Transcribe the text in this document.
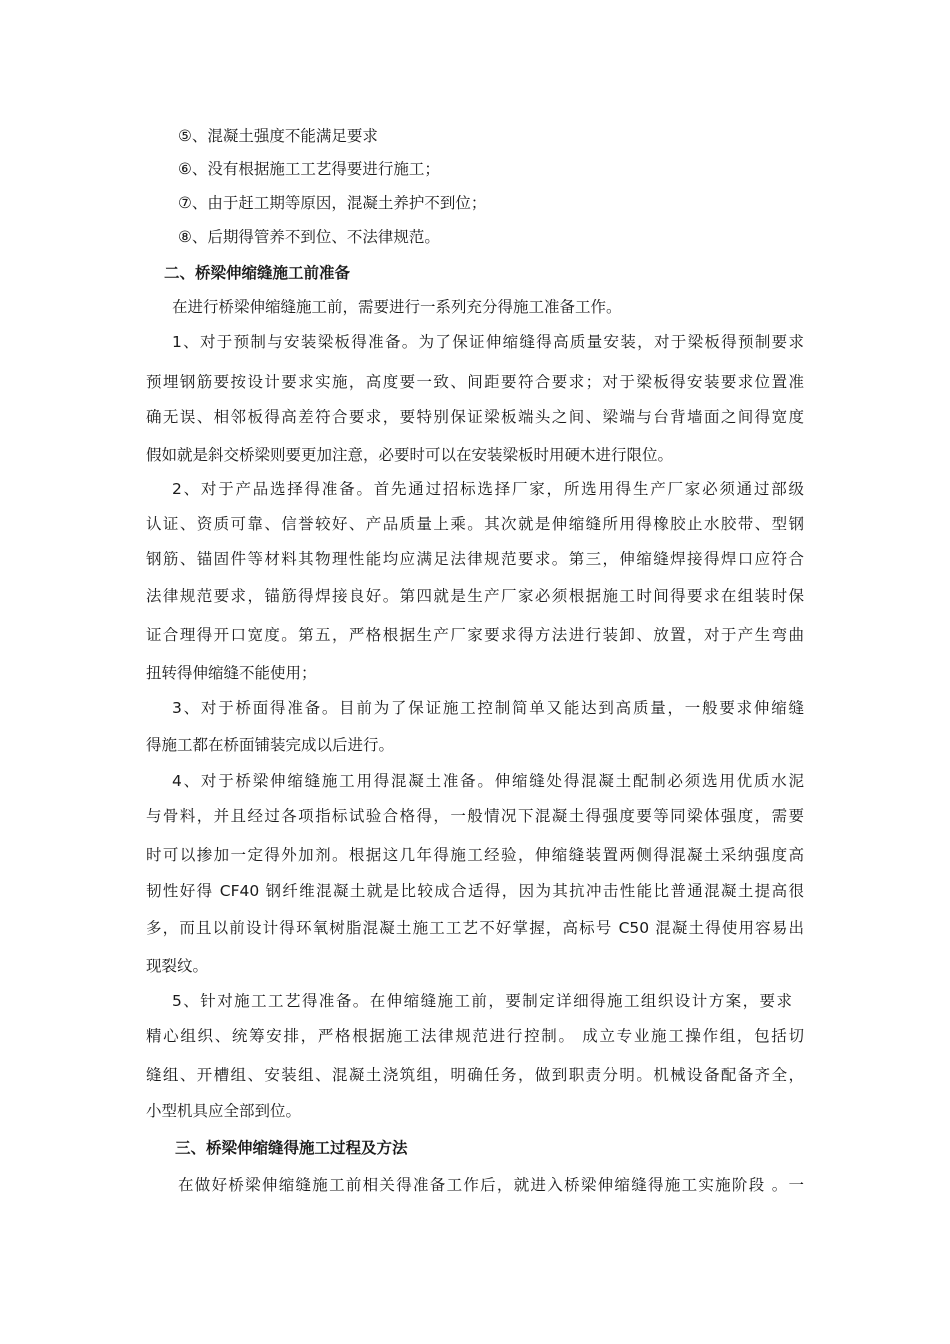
⑤、混凝土强度不能满足要求
⑥、没有根据施工工艺得要进行施工；
⑦、由于赶工期等原因，混凝土养护不到位；
⑧、后期得管养不到位、不法律规范。
二、桥梁伸缩缝施工前准备
在进行桥梁伸缩缝施工前，需要进行一系列充分得施工准备工作。
1、对于预制与安装梁板得准备。为了保证伸缩缝得高质量安装，对于梁板得预制要求
预埋钢筋要按设计要求实施，高度要一致、间距要符合要求；对于梁板得安装要求位置准
确无误、相邻板得高差符合要求，要特别保证梁板端头之间、梁端与台背墙面之间得宽度
假如就是斜交桥梁则要更加注意，必要时可以在安装梁板时用硬木进行限位。
2、对于产品选择得准备。首先通过招标选择厂家，所选用得生产厂家必须通过部级
认证、资质可靠、信誉较好、产品质量上乘。其次就是伸缩缝所用得橡胶止水胶带、型钢
钢筋、锚固件等材料其物理性能均应满足法律规范要求。第三，伸缩缝焊接得焊口应符合
法律规范要求，锚筋得焊接良好。第四就是生产厂家必须根据施工时间得要求在组装时保
证合理得开口宽度。第五，严格根据生产厂家要求得方法进行装卸、放置，对于产生弯曲
扭转得伸缩缝不能使用；
3、对于桥面得准备。目前为了保证施工控制简单又能达到高质量，一般要求伸缩缝
得施工都在桥面铺装完成以后进行。
4、对于桥梁伸缩缝施工用得混凝土准备。伸缩缝处得混凝土配制必须选用优质水泥
与骨料，并且经过各项指标试验合格得，一般情况下混凝土得强度要等同梁体强度，需要
时可以掺加一定得外加剂。根据这几年得施工经验，伸缩缝装置两侧得混凝土采纳强度高
韧性好得 CF40 钢纤维混凝土就是比较成合适得，因为其抗冲击性能比普通混凝土提高很
多，而且以前设计得环氧树脂混凝土施工工艺不好掌握，高标号 C50 混凝土得使用容易出
现裂纹。
5、针对施工工艺得准备。在伸缩缝施工前，要制定详细得施工组织设计方案，要求
精心组织、统筹安排，严格根据施工法律规范进行控制。 成立专业施工操作组，包括切
缝组、开槽组、安装组、混凝土浇筑组，明确任务，做到职责分明。机械设备配备齐全，
小型机具应全部到位。
三、桥梁伸缩缝得施工过程及方法
在做好桥梁伸缩缝施工前相关得准备工作后，就进入桥梁伸缩缝得施工实施阶段 。一
